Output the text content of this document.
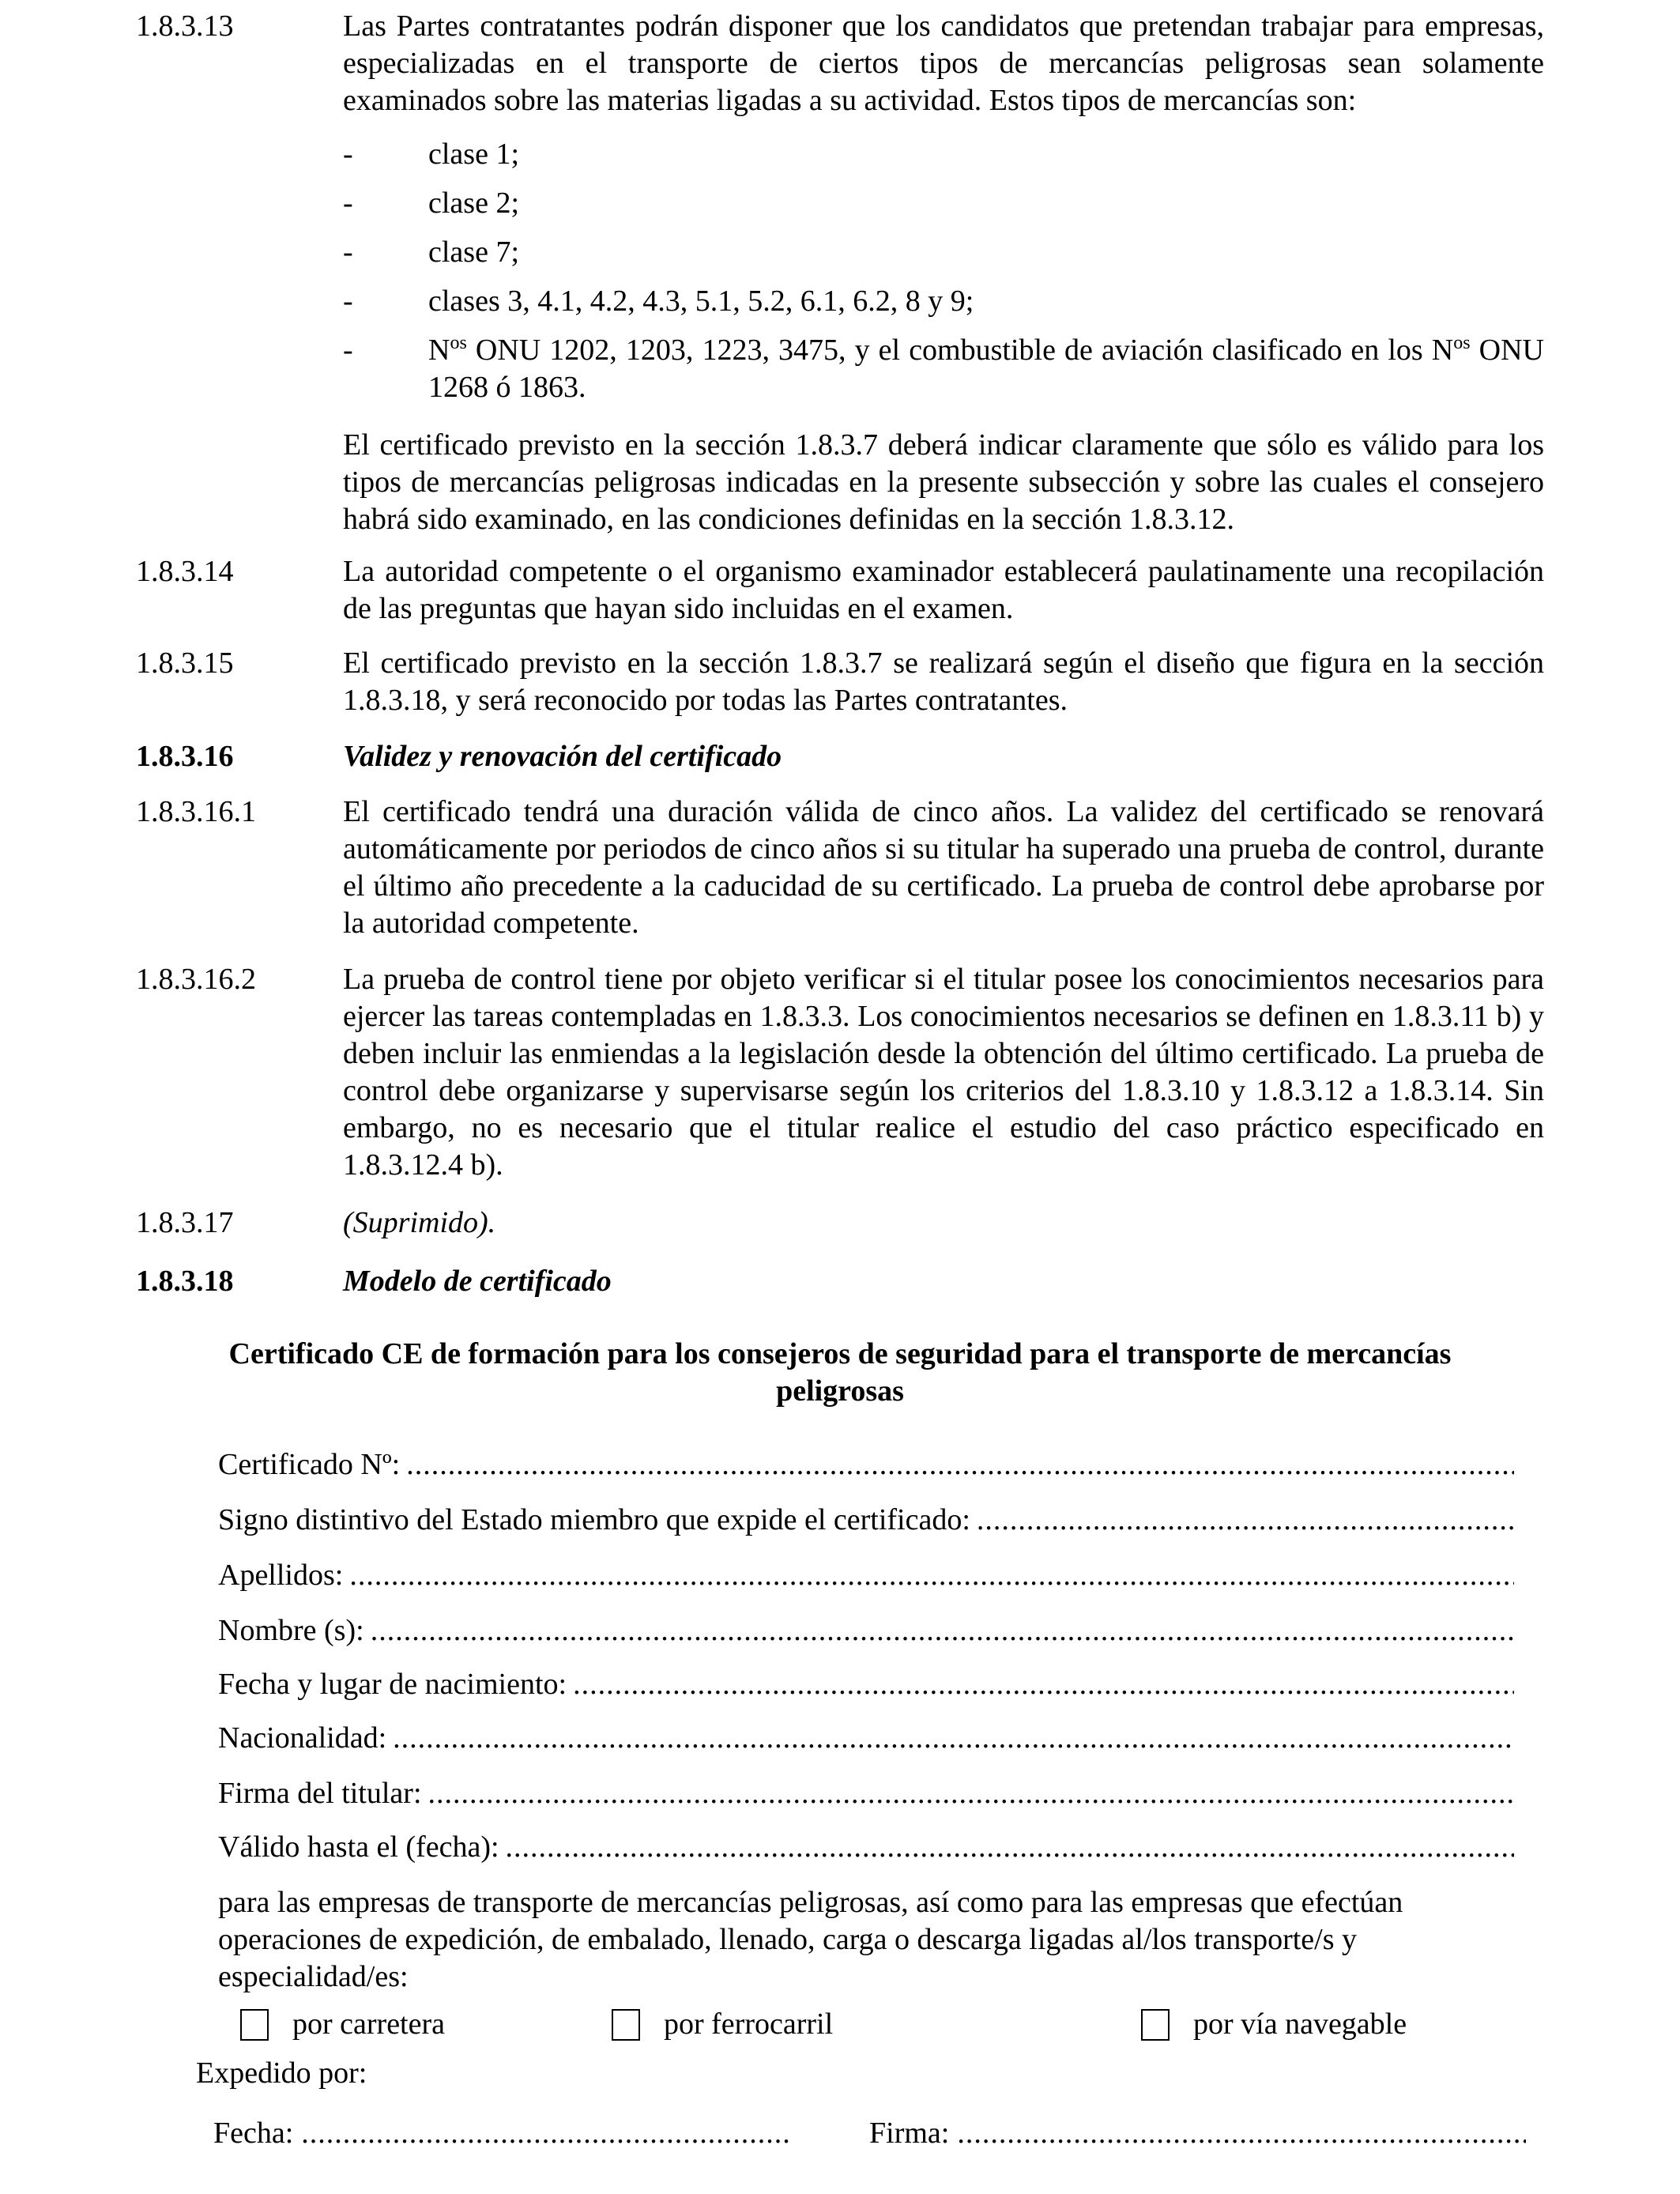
1.8.3.13	Las Partes contratantes podrán disponer que los candidatos que pretendan trabajar para empresas, especializadas en el transporte de ciertos tipos de mercancías peligrosas sean solamente examinados sobre las materias ligadas a su actividad. Estos tipos de mercancías son:

-	clase 1;
-	clase 2;
-	clase 7;
-	clases 3, 4.1, 4.2, 4.3, 5.1, 5.2, 6.1, 6.2, 8 y 9;
-	$N^{os}$ ONU 1202, 1203, 1223, 3475, y el combustible de aviación clasificado en los $N^{os}$ ONU 1268 ó 1863.

El certificado previsto en la sección 1.8.3.7 deberá indicar claramente que sólo es válido para los tipos de mercancías peligrosas indicadas en la presente subsección y sobre las cuales el consejero habrá sido examinado, en las condiciones definidas en la sección 1.8.3.12.

1.8.3.14	La autoridad competente o el organismo examinador establecerá paulatinamente una recopilación de las preguntas que hayan sido incluidas en el examen.

1.8.3.15	El certificado previsto en la sección 1.8.3.7 se realizará según el diseño que figura en la sección 1.8.3.18, y será reconocido por todas las Partes contratantes.

1.8.3.16	Validez y renovación del certificado

1.8.3.16.1	El certificado tendrá una duración válida de cinco años. La validez del certificado se renovará automáticamente por periodos de cinco años si su titular ha superado una prueba de control, durante el último año precedente a la caducidad de su certificado. La prueba de control debe aprobarse por la autoridad competente.

1.8.3.16.2	La prueba de control tiene por objeto verificar si el titular posee los conocimientos necesarios para ejercer las tareas contempladas en 1.8.3.3. Los conocimientos necesarios se definen en 1.8.3.11 b) y deben incluir las enmiendas a la legislación desde la obtención del último certificado. La prueba de control debe organizarse y supervisarse según los criterios del 1.8.3.10 y 1.8.3.12 a 1.8.3.14. Sin embargo, no es necesario que el titular realice el estudio del caso práctico especificado en 1.8.3.12.4 b).

1.8.3.17	(Suprimido).

1.8.3.18	Modelo de certificado

Certificado CE de formación para los consejeros de seguridad para el transporte de mercancías
peligrosas
Certificado Nº:
.....
Signo distintivo del Estado miembro que expide el certificado:
.....
Apellidos:
.....
Nombre (s):
.....
Fecha y lugar de nacimiento:
.....
Nacionalidad:
.....
Firma del titular:
.....
Válido hasta el (fecha):
.....
para las empresas de transporte de mercancías peligrosas, así como para las empresas que efectúan operaciones de expedición, de embalado, llenado, carga o descarga ligadas al/los transporte/s y especialidad/es:
por carretera	por ferrocarril	por vía navegable
Expedido por:
Fecha:
.....	Firma:
.....
